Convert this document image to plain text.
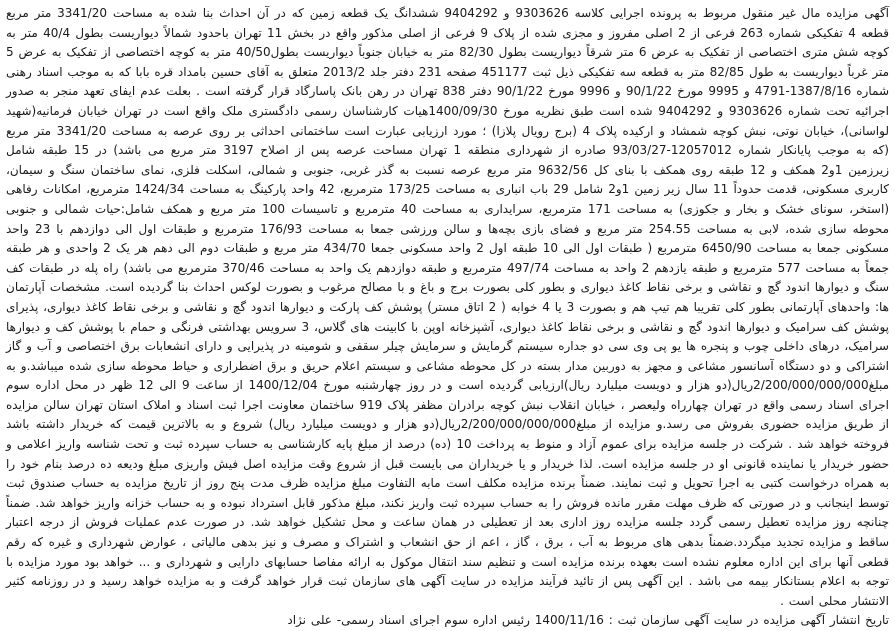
آگهی مزایده مال غیر منقول مربوط به پرونده اجرایی کلاسه 9303626 و 9404292 ششدانگ یک قطعه زمین که در آن احداث بنا شده به مساحت 3341/20 متر مربع قطعه 4 تفکیکی شماره 263 فرعی از 2 اصلی مفروز و مجزی شده از پلاک 9 فرعی از اصلی مذکور واقع در بخش 11 تهران باحدود شمالاً دیواریست بطول 40/4 متر به کوچه شش متری اختصاصی از تفکیک به عرض 6 متر شرقاً دیواریست بطول 82/30 متر به خیابان جنوباً دیواریست بطول40/50 متر به کوچه اختصاصی از تفکیک به عرض 5 متر غرباً دیواریست به طول 82/85 متر به قطعه سه تفکیکی ذیل ثبت 451177 صفحه 231 دفتر جلد 2013/2 متعلق به آقای حسین بامداد قره بابا که به موجب اسناد رهنی شماره 1387/8/16-4791 و 9995 مورخ 90/1/22 و 9996 مورخ 90/1/22 دفتر 838 تهران در رهن بانک پاسارگاد قرار گرفته است . بعلت عدم ایفای تعهد منجر به صدور اجرائیه تحت شماره 9303626 و 9404292 شده است طبق نظریه مورخ 1400/09/30هیات کارشناسان رسمی دادگستری ملک واقع است در تهران خیابان فرمانیه(شهید لواسانی)، خیابان نوتی، نبش کوچه شمشاد و ارکیده پلاک 4 (برج رویال پلازا) ؛ مورد ارزیابی عبارت است ساختمانی احداثی بر روی عرصه به مساحت 3341/20 متر مربع (که به موجب پایانکار شماره 12057012-93/03/27 صادره از شهرداری منطقه 1 تهران مساحت عرصه پس از اصلاح 3197 متر مربع می باشد) در 15 طبقه شامل زیرزمین 1و2 همکف و 12 طبقه روی همکف با بنای کل 9632/56 متر مربع عرصه نسبت به گذر غربی، جنوبی و شمالی، اسکلت فلزی، نمای ساختمان سنگ و سیمان، کاربری مسکونی، قدمت حدوداً 11 سال زیر زمین 1و2 شامل 29 باب انباری به مساحت 173/25 مترمربع، 42 واحد پارکینگ به مساحت 1424/34 مترمربع، امکانات رفاهی (استخر، سونای خشک و بخار و جکوزی) به مساحت 171 مترمربع، سرایداری به مساحت 40 مترمربع و تاسیسات 100 متر مربع و همکف شامل:حیات شمالی و جنوبی محوطه سازی شده، لابی به مساحت 254.55 متر مربع و فضای بازی بچه‌ها و سالن ورزشی جمعا به مساحت 176/93 مترمربع و طبقات اول الی دوازدهم با 23 واحد مسکونی جمعا به مساحت 6450/90 مترمربع ( طبقات اول الی 10 طبقه اول 2 واحد مسکونی جمعا 434/70 متر مربع و طبقات دوم الی دهم هر یک 2 واحدی و هر طبقه جمعاً به مساحت 577 مترمربع و طبقه یازدهم 2 واحد به مساحت 497/74 مترمربع و طبقه دوازدهم یک واحد به مساحت 370/46 مترمربع می باشد) راه پله در طبقات کف سنگ و دیوارها اندود گچ و نقاشی و برخی نقاط کاغذ دیواری و بطور کلی بصورت برج و باغ و با مصالح مرغوب و بصورت لوکس احداث بنا گردیده است. مشخصات آپارتمان ها: واحدهای آپارتمانی بطور کلی تقریبا هم تیپ هم و بصورت 3 یا 4 خوابه ( 2 اتاق مستر) پوشش کف پارکت و دیوارها اندود گچ و نقاشی و برخی نقاط کاغذ دیواری، پذیرای پوشش کف سرامیک و دیوارها اندود گچ و نقاشی و برخی نقاط کاغذ دیواری، آشپزخانه اوپن با کابینت های گلاس، 3 سرویس بهداشتی فرنگی و حمام با پوشش کف و دیوارها سرامیک، درهای داخلی چوب و پنجره ها یو پی وی سی دو جداره سیستم گرمایش و سرمایش چیلر سقفی و شومینه در پذیرایی و دارای انشعابات برق اختصاصی و آب و گاز اشتراکی و دو دستگاه آسانسور مشاعی و مجهز به دوربین مدار بسته در کل محوطه مشاعی و سیستم اعلام حریق و برق اضطراری و حیاط محوطه سازی شده میباشد.و به مبلغ2/200/000/000/000ریال(دو هزار و دویست میلیارد ریال)ارزیابی گردیده است و در روز چهارشنبه مورخ 1400/12/04 از ساعت 9 الی 12 ظهر در محل اداره سوم اجرای اسناد رسمی واقع در تهران چهارراه ولیعصر ، خیابان انقلاب نبش کوچه برادران مظفر پلاک 919 ساختمان معاونت اجرا ثبت اسناد و املاک استان تهران سالن مزایده از طریق مزایده حضوری بفروش می رسد.و مزایده از مبلغ2/200/000/000/000ریال(دو هزار و دویست میلیارد ریال) شروع و به بالاترین قیمت که خریدار داشته باشد فروخته خواهد شد . شرکت در جلسه مزایده برای عموم آزاد و منوط به پرداخت 10 (ده) درصد از مبلغ پایه کارشناسی به حساب سپرده ثبت و تحت شناسه واریز اعلامی و حضور خریدار یا نماینده قانونی او در جلسه مزایده است. لذا خریدار و یا خریداران می بایست قبل از شروع وقت مزایده اصل فیش واریزی مبلغ ودیعه ده درصد بنام خود را به همراه درخواست کتبی به اجرا تحویل و ثبت نمایند. ضمناً برنده مزایده مکلف است مابه التفاوت مبلغ مزایده ظرف مدت پنج روز از تاریخ مزایده به حساب صندوق ثبت توسط اینجانب و در صورتی که ظرف مهلت مقرر مانده فروش را به حساب سپرده ثبت واریز نکند، مبلغ مذکور قابل استرداد نبوده و به حساب خزانه واریز خواهد شد. ضمناً چنانچه روز مزایده تعطیل رسمی گردد جلسه مزایده روز اداری بعد از تعطیلی در همان ساعت و محل تشکیل خواهد شد. در صورت عدم عملیات فروش از درجه اعتبار ساقط و مزایده تجدید میگردد.ضمناً بدهی های مربوط به آب ، برق ، گاز ، اعم از حق انشعاب و اشتراک و مصرف و نیز بدهی مالیاتی ، عوارض شهرداری و غیره که رقم قطعی آنها برای این اداره معلوم نشده است بعهده برنده مزایده است و تنظیم سند انتقال موکول به ارائه مفاصا حسابهای دارایی و شهرداری و ... خواهد بود مورد مزایده با توجه به اعلام بستانکار بیمه می باشد . این آگهی پس از تائید فرآیند مزایده در سایت آگهی های سازمان ثبت قرار خواهد گرفت و به مزایده خواهد رسید و در روزنامه کثیر الانتشار محلی است .

تاریخ انتشار آگهی مزایده در سایت آگهی سازمان ثبت : 1400/11/16 رئیس اداره سوم اجرای اسناد رسمی- علی نژاد
